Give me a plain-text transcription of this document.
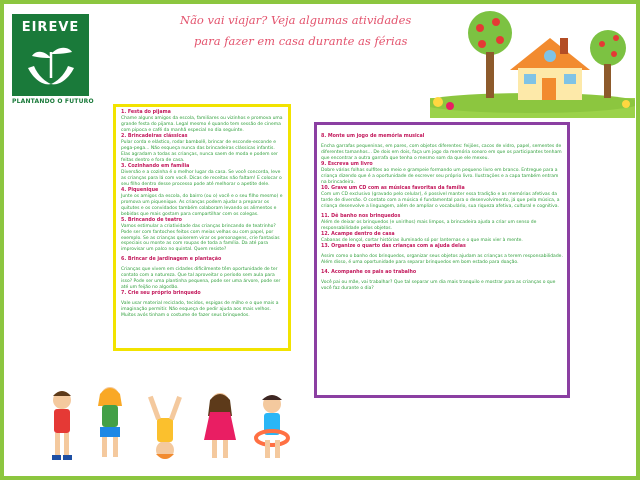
EIREVE
PLANTANDO O FUTURO
Não vai viajar? Veja algumas atividades
para fazer em casa durante as férias
1. Festa do pijama
Chame alguns amigos da escola, familiares ou vizinhos e promova uma grande festa do pijama. Legal mesmo é quando tem sessão de cinema com pipoca e café da manhã especial no dia seguinte.
2. Brincadeiras clássicas
Pular corda e elástico, rodar bambolê, brincar de esconde-esconde e pega-pega... Não esqueça nunca das brincadeiras clássicas infantis. Elas agradam a todas as crianças, nunca saem de moda e podem ser feitas dentro e fora de casa.
3. Cozinhando em família
Diversão e a cozinha é o melhor lugar da casa. Se você concorda, leve as crianças para lá com você. Dicas de receitas não faltam! E colocar o seu filho dentro desse processo pode até melhorar o apetite dele.
4. Piquenique
Junte os amigos da escola, do bairro (ou o) você e o seu filho mesmo) e promova um piquenique. As crianças podem ajudar a preparar os quitutes e os convidados também colaboram levando os alimentos e bebidas que mais gostam para compartilhar com os colegas.
5. Brincando de teatro
Vamos estimular a criatividade das crianças brincando de teatrinho? Pode ser com fantoches feitos com meias velhas ou com papel, por exemplo. Se as crianças quiserem virar os personagens, crie fantasias especiais ou monte as com roupas de toda a família. Da até para improvisar um palco no quintal. Quem resiste?
6. Brincar de jardinagem e plantação
Crianças que vivem em cidades dificilmente têm oportunidade de ter contato com a natureza. Que tal aproveitar o período sem aula para isso? Pode ser uma plantinha pequena, pode ser uma árvore, pode ser até um feijão no algodão.
7. Crie seu próprio brinquedo
Vale usar material reciclado, tecidos, espigas de milho e o que mais a imaginação permitir. Não esqueça de pedir ajuda aos mais velhos. Muitos avós tinham o costume de fazer seus brinquedos.
8. Monte um jogo de memória musical
Encha garrafas pequeninas, em pares, com objetos diferentes: feijões, cacos de vidro, papel, sementes de diferentes tamanhos... De dois em dois, faça um jogo da memória sonoro em que os participantes tenham que encontrar a outra garrafa que tenha o mesmo som da que ele mexeu.
9. Escreva um livro
Dobre várias folhas sulfites ao meio e grampeie formando um pequeno livro em branco. Entregue para a criança dizendo que é a oportunidade de escrever seu próprio livro. Ilustrações e a capa também entram na brincadeira.
10. Grave um CD com as músicas favoritas da família
Com um CD exclusivo (gravado pelo celular), é possível manter essa tradição e as memórias afetivas da tarde de diversão. O contato com a música é fundamental para o desenvolvimento, já que pela música, a criança desenvolve a linguagem, além de ampliar o vocabulário, sua riqueza afetiva, cultural e cognitiva.
11. Dê banho nos brinquedos
Além de deixar os brinquedos (e unirlhos) mais limpos, a brincadeira ajuda a criar um senso de responsabilidade pelos objetos.
12. Acampe dentro de casa
Cabanas de lençol, cortar histórias iluminado só por lanternas e o que mais vier à mente.
13. Organize o quarto das crianças com a ajuda delas
Assim como o banho dos brinquedos, organizar seus objetos ajudam as crianças a terem responsabilidade. Além disso, é uma oportunidade para separar brinquedos em bom estado para doação.
14. Acompanhe os pais ao trabalho
Você pai ou mãe, vai trabalhar? Que tal separar um dia mais tranquilo e mostrar para as crianças o que você faz durante o dia?
